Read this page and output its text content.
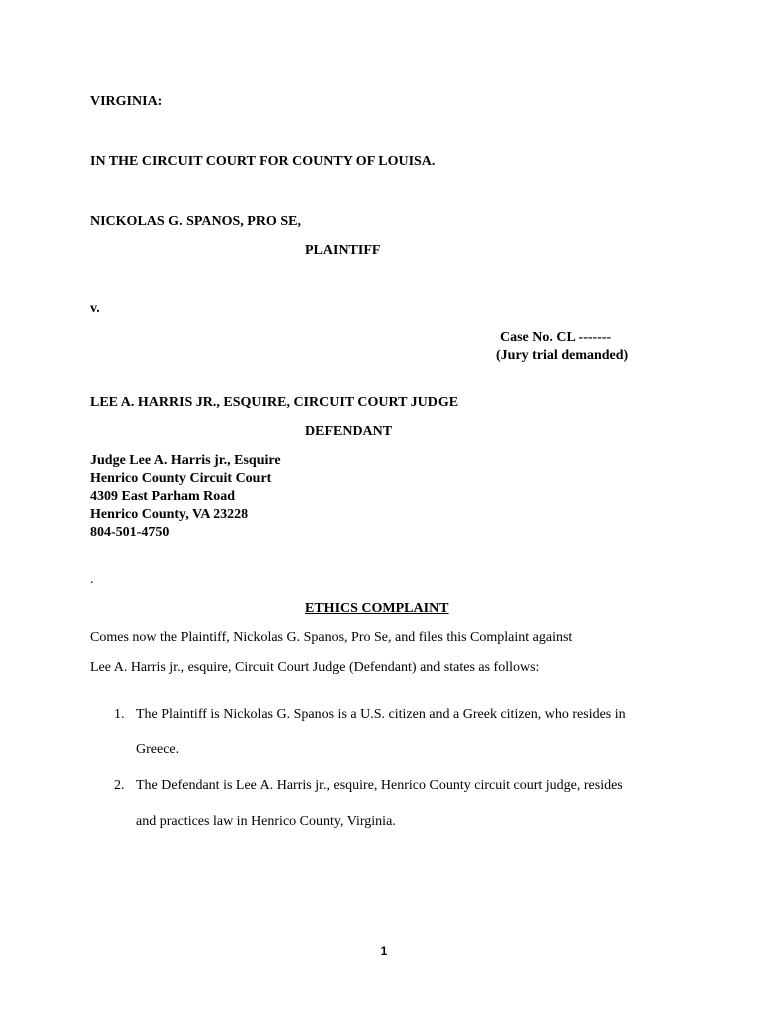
VIRGINIA:
IN THE CIRCUIT COURT FOR COUNTY OF LOUISA.
NICKOLAS G. SPANOS, PRO SE,
PLAINTIFF
v.
Case No. CL -------
(Jury trial demanded)
LEE A. HARRIS JR., ESQUIRE, CIRCUIT COURT JUDGE
DEFENDANT
Judge Lee A. Harris jr., Esquire
Henrico County Circuit Court
4309 East Parham Road
Henrico County, VA 23228
804-501-4750
.
ETHICS COMPLAINT
Comes now the Plaintiff, Nickolas G. Spanos, Pro Se, and files this Complaint against
Lee A. Harris jr., esquire, Circuit Court Judge (Defendant) and states as follows:
1. The Plaintiff is Nickolas G. Spanos is a U.S. citizen and a Greek citizen, who resides in
Greece.
2. The Defendant is Lee A. Harris jr., esquire, Henrico County circuit court judge, resides
and practices law in Henrico County, Virginia.
1
